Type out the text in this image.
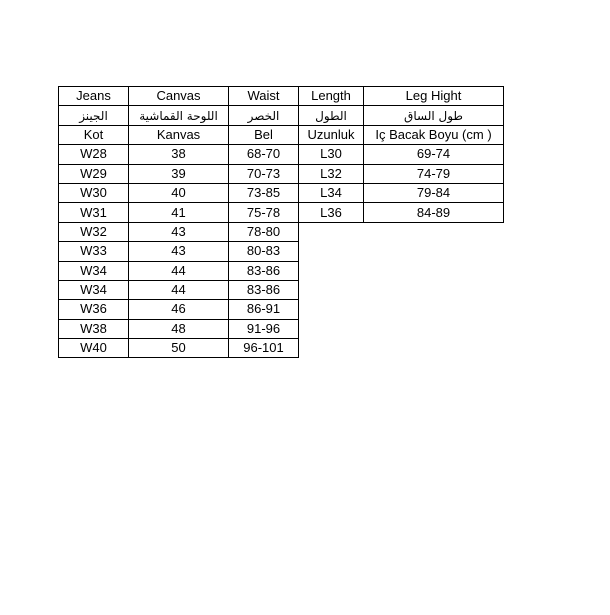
Jeans	Canvas	Waist	Length	Leg Hight
الجينز	اللوحة القماشية	الخصر	الطول	طول الساق
Kot	Kanvas	Bel	Uzunluk	Iç Bacak Boyu (cm )
W28	38	68-70	L30	69-74
W29	39	70-73	L32	74-79
W30	40	73-85	L34	79-84
W31	41	75-78	L36	84-89
W32	43	78-80		
W33	43	80-83		
W34	44	83-86		
W34	44	83-86		
W36	46	86-91		
W38	48	91-96		
W40	50	96-101		
